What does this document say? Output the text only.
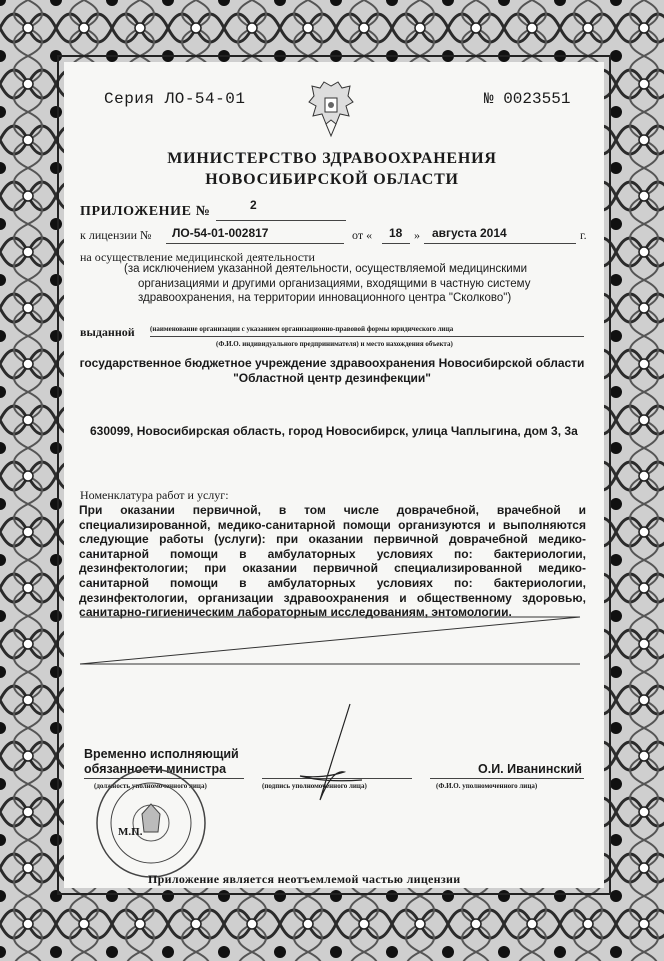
Серия ЛО-54-01	№ 0023551
МИНИСТЕРСТВО ЗДРАВООХРАНЕНИЯ
НОВОСИБИРСКОЙ ОБЛАСТИ
ПРИЛОЖЕНИЕ №	2
к лицензии № ЛО-54-01-002817	от « 18 » августа 2014	г.
на осуществление медицинской деятельности
(за исключением указанной деятельности, осуществляемой медицинскими
организациями и другими организациями, входящими в частную систему
здравоохранения, на территории инновационного центра "Сколково")
выданной (наименование организации с указанием организационно-правовой формы юридического лица
(Ф.И.О. индивидуального предпринимателя) и место нахождения объекта)
государственное бюджетное учреждение здравоохранения Новосибирской области
"Областной центр дезинфекции"
630099, Новосибирская область, город Новосибирск, улица Чаплыгина, дом 3, 3а
Номенклатура работ и услуг:
При оказании первичной, в том числе доврачебной, врачебной и
специализированной, медико-санитарной помощи организуются и выполняются
следующие работы (услуги): при оказании первичной доврачебной медико-
санитарной помощи в амбулаторных условиях по: бактериологии,
дезинфектологии; при оказании первичной специализированной медико-
санитарной помощи в амбулаторных условиях по: бактериологии,
дезинфектологии, организации здравоохранения и общественному здоровью,
санитарно-гигиеническим лабораторным исследованиям, энтомологии.
Временно исполняющий
обязанности министра
(должность уполномоченного лица)	(подпись уполномоченного лица)
О.И. Иванинский
(Ф.И.О. уполномоченного лица)
М.П.
Приложение является неотъемлемой частью лицензии
